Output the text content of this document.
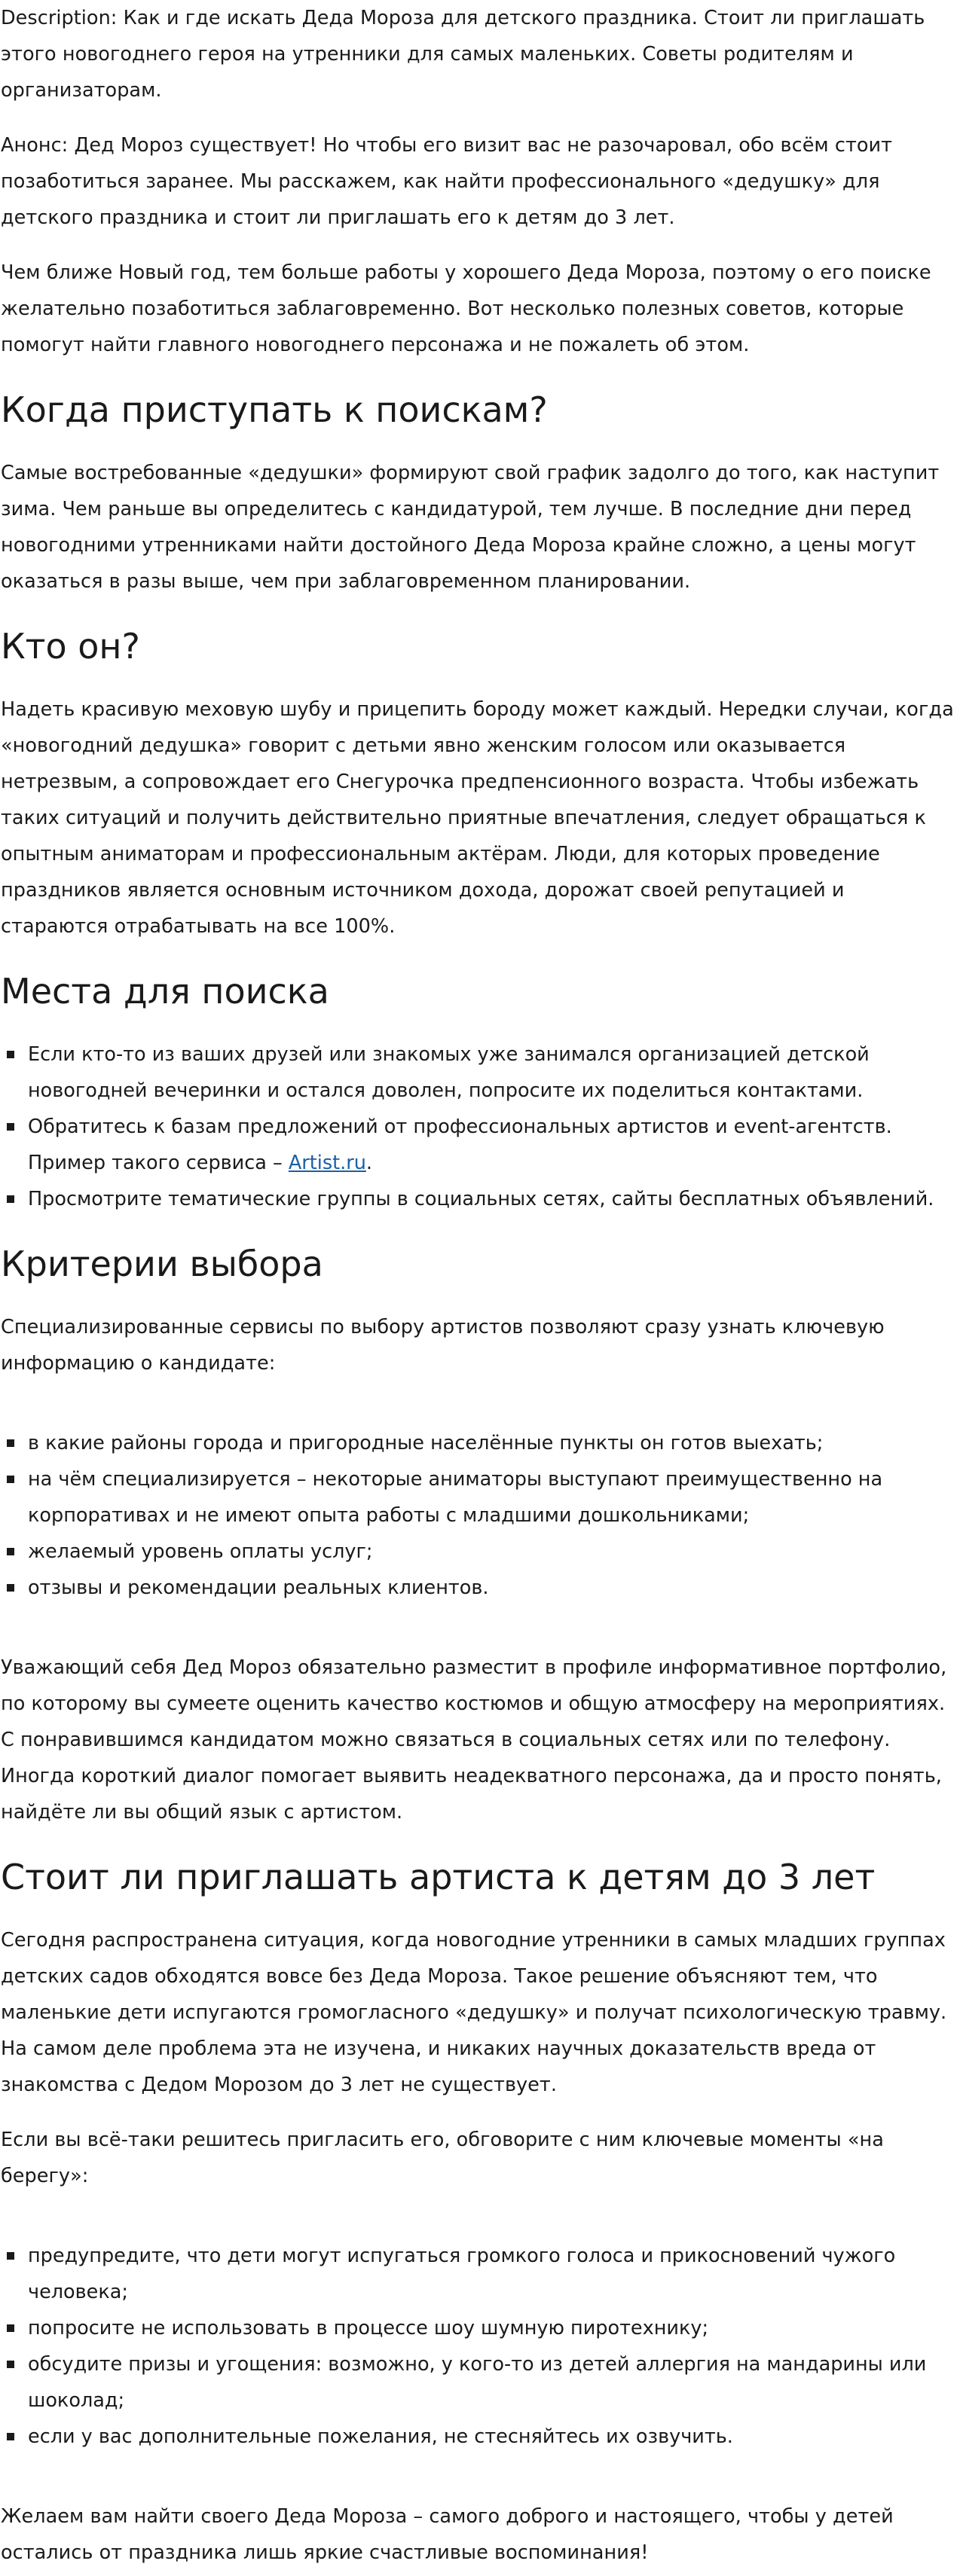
Description: Как и где искать Деда Мороза для детского праздника. Стоит ли приглашать этого новогоднего героя на утренники для самых маленьких. Советы родителям и организаторам.

Анонс: Дед Мороз существует! Но чтобы его визит вас не разочаровал, обо всём стоит позаботиться заранее. Мы расскажем, как найти профессионального «дедушку» для детского праздника и стоит ли приглашать его к детям до 3 лет.

Чем ближе Новый год, тем больше работы у хорошего Деда Мороза, поэтому о его поиске желательно позаботиться заблаговременно. Вот несколько полезных советов, которые помогут найти главного новогоднего персонажа и не пожалеть об этом.

Когда приступать к поискам?

Самые востребованные «дедушки» формируют свой график задолго до того, как наступит зима. Чем раньше вы определитесь с кандидатурой, тем лучше. В последние дни перед новогодними утренниками найти достойного Деда Мороза крайне сложно, а цены могут оказаться в разы выше, чем при заблаговременном планировании.

Кто он?

Надеть красивую меховую шубу и прицепить бороду может каждый. Нередки случаи, когда «новогодний дедушка» говорит с детьми явно женским голосом или оказывается нетрезвым, а сопровождает его Снегурочка предпенсионного возраста. Чтобы избежать таких ситуаций и получить действительно приятные впечатления, следует обращаться к опытным аниматорам и профессиональным актёрам. Люди, для которых проведение праздников является основным источником дохода, дорожат своей репутацией и стараются отрабатывать на все 100%.

Места для поиска
Если кто-то из ваших друзей или знакомых уже занимался организацией детской новогодней вечеринки и остался доволен, попросите их поделиться контактами.
Обратитесь к базам предложений от профессиональных артистов и event-агентств. Пример такого сервиса – Artist.ru.
Просмотрите тематические группы в социальных сетях, сайты бесплатных объявлений.
Критерии выбора

Специализированные сервисы по выбору артистов позволяют сразу узнать ключевую информацию о кандидате:

в какие районы города и пригородные населённые пункты он готов выехать;
на чём специализируется – некоторые аниматоры выступают преимущественно на корпоративах и не имеют опыта работы с младшими дошкольниками;
желаемый уровень оплаты услуг;
отзывы и рекомендации реальных клиентов.

Уважающий себя Дед Мороз обязательно разместит в профиле информативное портфолио, по которому вы сумеете оценить качество костюмов и общую атмосферу на мероприятиях. С понравившимся кандидатом можно связаться в социальных сетях или по телефону. Иногда короткий диалог помогает выявить неадекватного персонажа, да и просто понять, найдёте ли вы общий язык с артистом.

Стоит ли приглашать артиста к детям до 3 лет

Сегодня распространена ситуация, когда новогодние утренники в самых младших группах детских садов обходятся вовсе без Деда Мороза. Такое решение объясняют тем, что маленькие дети испугаются громогласного «дедушку» и получат психологическую травму. На самом деле проблема эта не изучена, и никаких научных доказательств вреда от знакомства с Дедом Морозом до 3 лет не существует.

Если вы всё-таки решитесь пригласить его, обговорите с ним ключевые моменты «на берегу»:

предупредите, что дети могут испугаться громкого голоса и прикосновений чужого человека;
попросите не использовать в процессе шоу шумную пиротехнику;
обсудите призы и угощения: возможно, у кого-то из детей аллергия на мандарины или шоколад;
если у вас дополнительные пожелания, не стесняйтесь их озвучить.

Желаем вам найти своего Деда Мороза – самого доброго и настоящего, чтобы у детей остались от праздника лишь яркие счастливые воспоминания!
